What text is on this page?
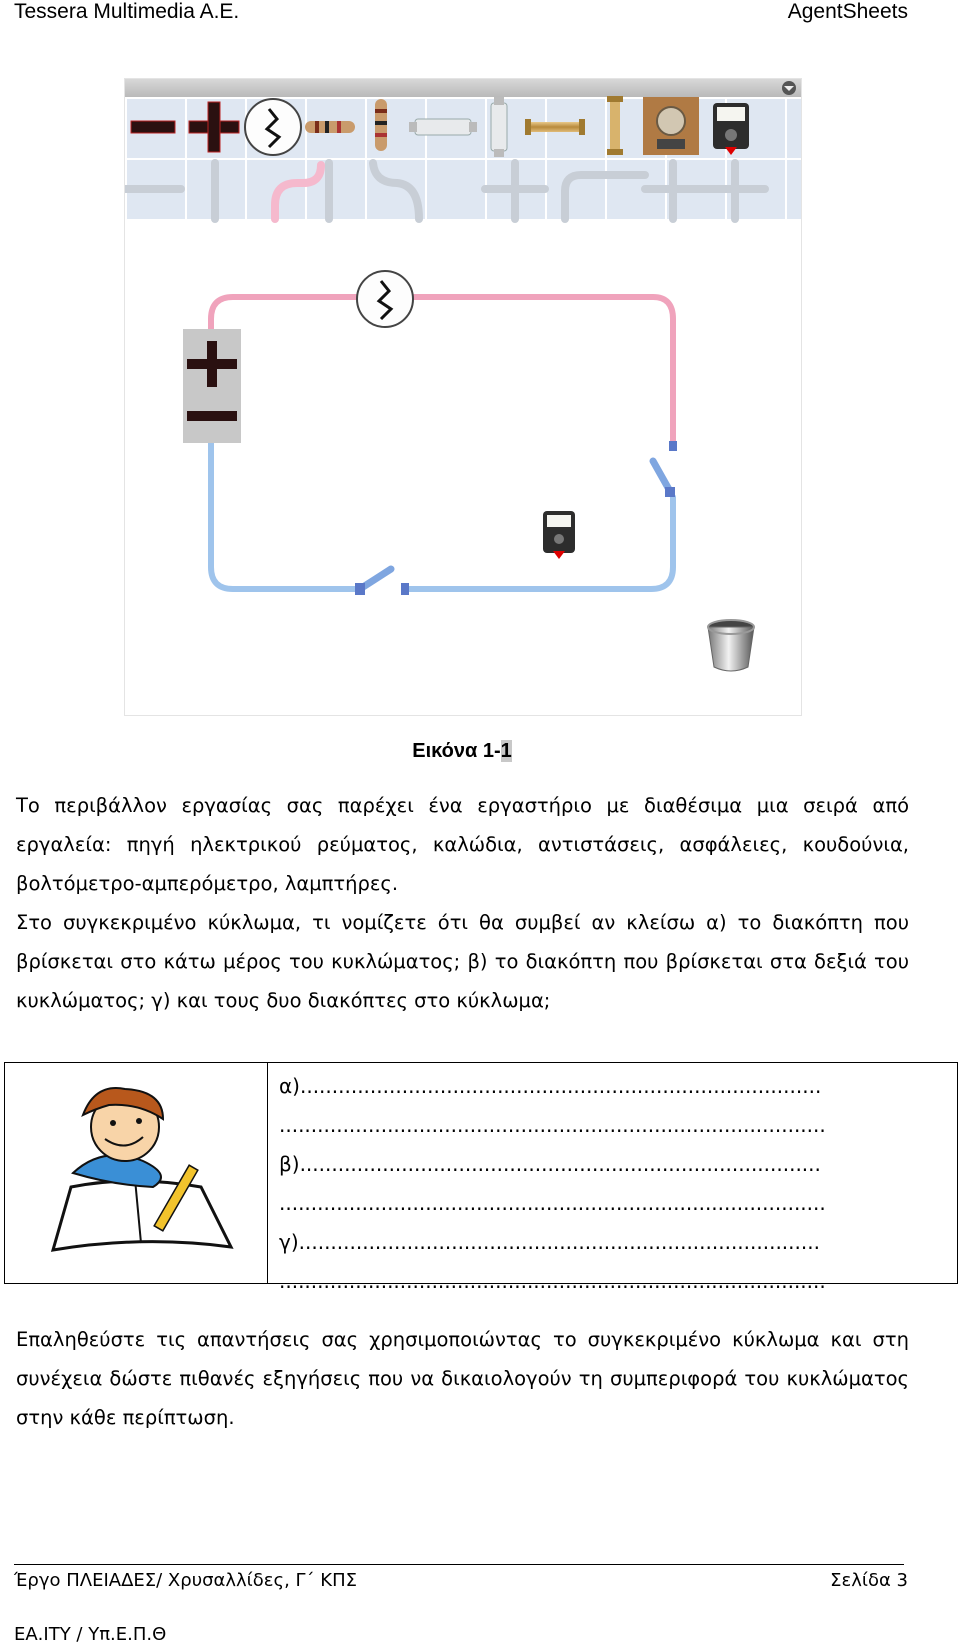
Tessera Multimedia A.E.	AgentSheets
Εικόνα 1-1

Το περιβάλλον εργασίας σας παρέχει ένα εργαστήριο με διαθέσιμα μια σειρά από εργαλεία: πηγή ηλεκτρικού ρεύματος, καλώδια, αντιστάσεις, ασφάλειες, κουδούνια, βολτόμετρο-αμπερόμετρο, λαμπτήρες.

Στο συγκεκριμένο κύκλωμα, τι νομίζετε ότι θα συμβεί αν κλείσω α) το διακόπτη που βρίσκεται στο κάτω μέρος του κυκλώματος; β) το διακόπτη που βρίσκεται στα δεξιά του κυκλώματος; γ) και τους δυο διακόπτες στο κύκλωμα;

α)..................................................................................
......................................................................................
β)..................................................................................
......................................................................................
γ)..................................................................................
......................................................................................

Επαληθεύστε τις απαντήσεις σας χρησιμοποιώντας το συγκεκριμένο κύκλωμα και στη συνέχεια δώστε πιθανές εξηγήσεις που να δικαιολογούν τη συμπεριφορά του κυκλώματος στην κάθε περίπτωση.

Έργο ΠΛΕΙΑΔΕΣ/ Χρυσαλλίδες, Γ΄ ΚΠΣ	Σελίδα 3
ΕΑ.ΙΤΥ / Υπ.Ε.Π.Θ
